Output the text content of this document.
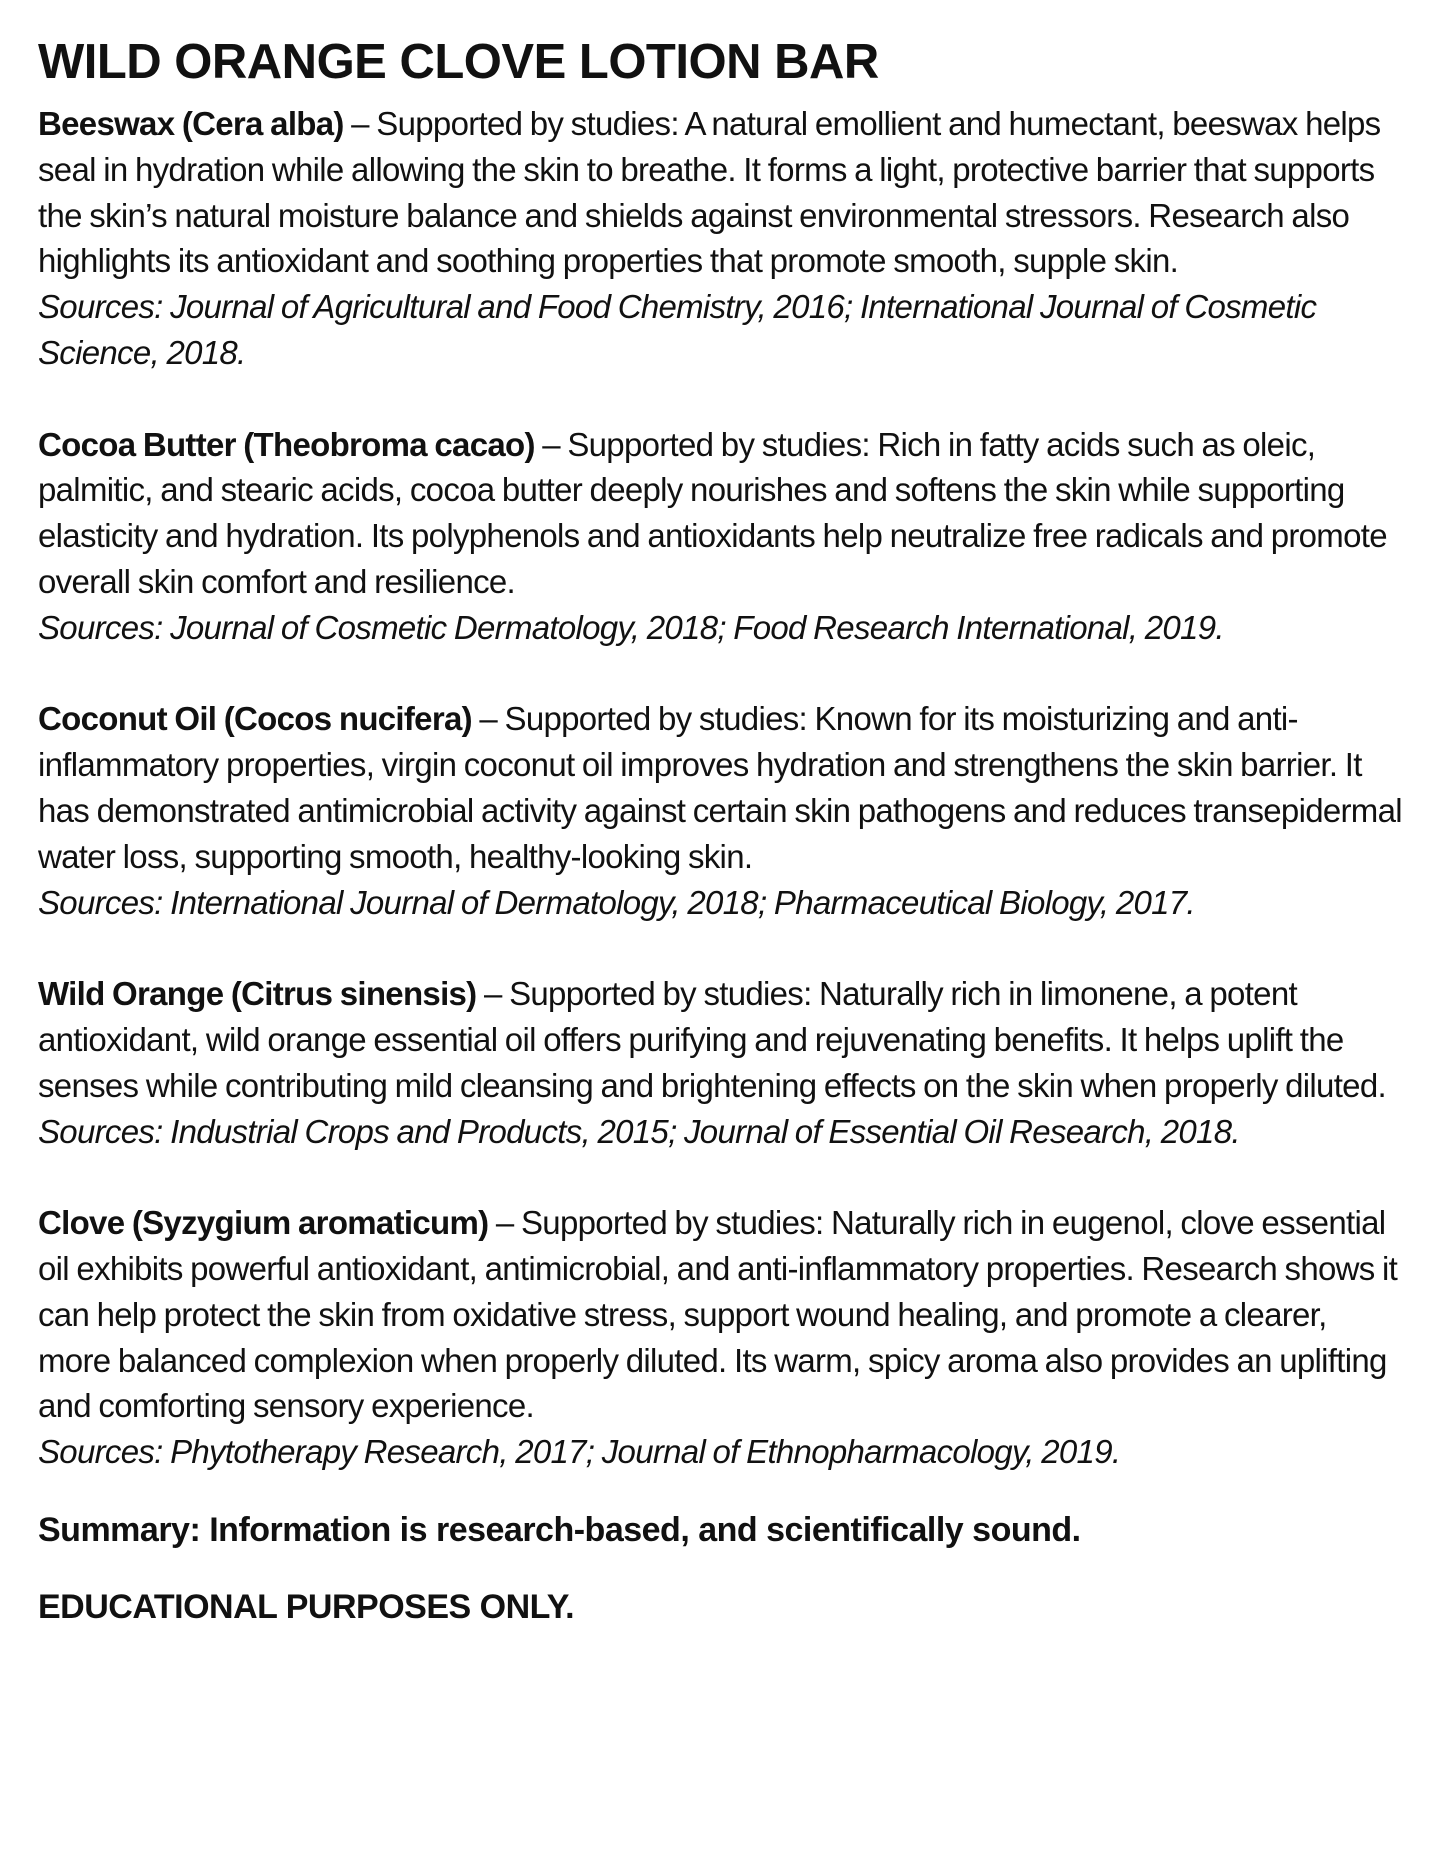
WILD ORANGE CLOVE LOTION BAR

Beeswax (Cera alba) – Supported by studies: A natural emollient and humectant, beeswax helps seal in hydration while allowing the skin to breathe. It forms a light, protective barrier that supports the skin’s natural moisture balance and shields against environmental stressors. Research also highlights its antioxidant and soothing properties that promote smooth, supple skin.

Sources: Journal of Agricultural and Food Chemistry, 2016; International Journal of Cosmetic Science, 2018.

Cocoa Butter (Theobroma cacao) – Supported by studies: Rich in fatty acids such as oleic, palmitic, and stearic acids, cocoa butter deeply nourishes and softens the skin while supporting elasticity and hydration. Its polyphenols and antioxidants help neutralize free radicals and promote overall skin comfort and resilience.

Sources: Journal of Cosmetic Dermatology, 2018; Food Research International, 2019.

Coconut Oil (Cocos nucifera) – Supported by studies: Known for its moisturizing and anti-inflammatory properties, virgin coconut oil improves hydration and strengthens the skin barrier. It has demonstrated antimicrobial activity against certain skin pathogens and reduces transepidermal water loss, supporting smooth, healthy-looking skin.

Sources: International Journal of Dermatology, 2018; Pharmaceutical Biology, 2017.

Wild Orange (Citrus sinensis) – Supported by studies: Naturally rich in limonene, a potent antioxidant, wild orange essential oil offers purifying and rejuvenating benefits. It helps uplift the senses while contributing mild cleansing and brightening effects on the skin when properly diluted.

Sources: Industrial Crops and Products, 2015; Journal of Essential Oil Research, 2018.

Clove (Syzygium aromaticum) – Supported by studies: Naturally rich in eugenol, clove essential oil exhibits powerful antioxidant, antimicrobial, and anti-inflammatory properties. Research shows it can help protect the skin from oxidative stress, support wound healing, and promote a clearer, more balanced complexion when properly diluted. Its warm, spicy aroma also provides an uplifting and comforting sensory experience.

Sources: Phytotherapy Research, 2017; Journal of Ethnopharmacology, 2019.

Summary: Information is research-based, and scientifically sound.

EDUCATIONAL PURPOSES ONLY.
